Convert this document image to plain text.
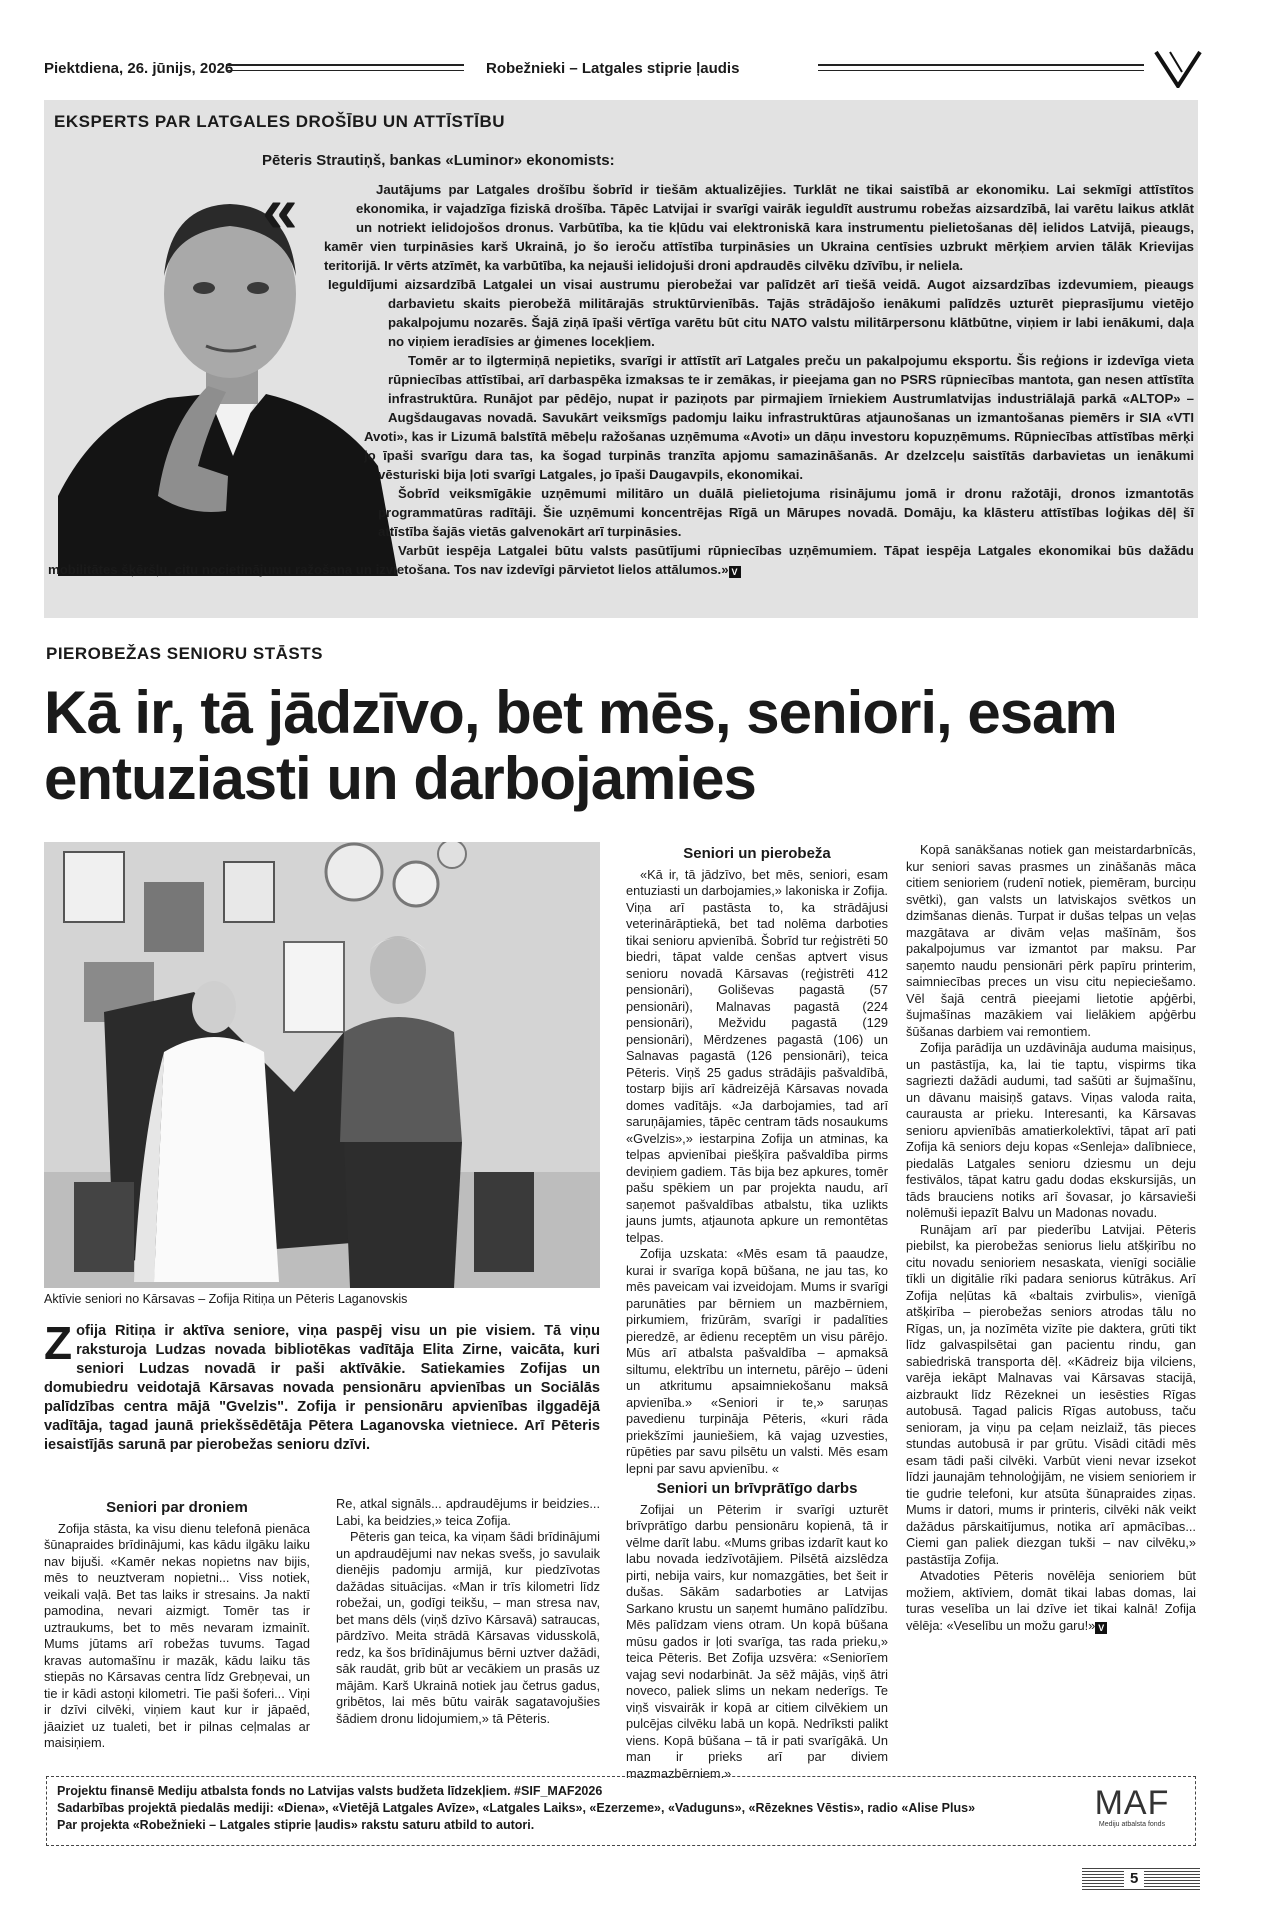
Piektdiena, 26. jūnijs, 2026	Robežnieki – Latgales stiprie ļaudis
EKSPERTS PAR LATGALES DROŠĪBU UN ATTĪSTĪBU
Pēteris Strautiņš, bankas «Luminor» ekonomists:
«	Jautājums par Latgales drošību šobrīd ir tiešām aktualizējies. Turklāt ne tikai saistībā ar ekonomiku. Lai sekmīgi attīstītos ekonomika, ir vajadzīga fiziskā drošība. Tāpēc Latvijai ir svarīgi vairāk ieguldīt austrumu robežas aizsardzībā, lai varētu laikus atklāt un notriekt ielidojošos dronus. Varbūtība, ka tie kļūdu vai elektroniskā kara instrumentu pielietošanas dēļ ielidos Latvijā, pieaugs, kamēr vien turpināsies karš Ukrainā, jo šo ieroču attīstība turpināsies un Ukraina centīsies uzbrukt mērķiem arvien tālāk Krievijas teritorijā. Ir vērts atzīmēt, ka varbūtība, ka nejauši ielidojuši droni apdraudēs cilvēku dzīvību, ir neliela.

Ieguldījumi aizsardzībā Latgalei un visai austrumu pierobežai var palīdzēt arī tiešā veidā. Augot aizsardzības izdevumiem, pieaugs darbavietu skaits pierobežā militārajās struktūrvienībās. Tajās strādājošo ienākumi palīdzēs uzturēt pieprasījumu vietējo pakalpojumu nozarēs. Šajā ziņā īpaši vērtīga varētu būt citu NATO valstu militārpersonu klātbūtne, viņiem ir labi ienākumi, daļa no viņiem ieradīsies ar ģimenes locekļiem.

Tomēr ar to ilgtermiņā nepietiks, svarīgi ir attīstīt arī Latgales preču un pakalpojumu eksportu. Šis reģions ir izdevīga vieta rūpniecības attīstībai, arī darbaspēka izmaksas te ir zemākas, ir pieejama gan no PSRS rūpniecības mantota, gan nesen attīstīta infrastruktūra. Runājot par pēdējo, nupat ir paziņots par pirmajiem īrniekiem Austrumlatvijas industriālajā parkā «ALTOP» – Augšdaugavas novadā. Savukārt veiksmīgs padomju laiku infrastruktūras atjaunošanas un izmantošanas piemērs ir SIA «VTI Avoti», kas ir Lizumā balstītā mēbeļu ražošanas uzņēmuma «Avoti» un dāņu investoru kopuzņēmums. Rūpniecības attīstības mērķi jo īpaši svarīgu dara tas, ka šogad turpinās tranzīta apjomu samazināšanās. Ar dzelzceļu saistītās darbavietas un ienākumi vēsturiski bija ļoti svarīgi Latgales, jo īpaši Daugavpils, ekonomikai.

Šobrīd veiksmīgākie uzņēmumi militāro un duālā pielietojuma risinājumu jomā ir dronu ražotāji, dronos izmantotās programmatūras radītāji. Šie uzņēmumi koncentrējas Rīgā un Mārupes novadā. Domāju, ka klāsteru attīstības loģikas dēļ šī attīstība šajās vietās galvenokārt arī turpināsies.

Varbūt iespēja Latgalei būtu valsts pasūtījumi rūpniecības uzņēmumiem. Tāpat iespēja Latgales ekonomikai būs dažādu mobilitātes šķēršļu, citu nocietinājumu ražošana un izvietošana. Tos nav izdevīgi pārvietot lielos attālumos.» V

PIEROBEŽAS SENIORU STĀSTS
Kā ir, tā jādzīvo, bet mēs, seniori, esam entuziasti un darbojamies
Aktīvie seniori no Kārsavas – Zofija Ritiņa un Pēteris Laganovskis
Z ofija Ritiņa ir aktīva seniore, viņa paspēj visu un pie visiem. Tā viņu raksturoja Ludzas novada bibliotēkas vadītāja Elita Zirne, vaicāta, kuri seniori Ludzas novadā ir paši aktīvākie. Satiekamies Zofijas un domubiedru veidotajā Kārsavas novada pensionāru apvienības un Sociālās palīdzības centra mājā "Gvelzis". Zofija ir pensionāru apvienības ilggadējā vadītāja, tagad jaunā priekšsēdētāja Pētera Laganovska vietniece. Arī Pēteris iesaistījās sarunā par pierobežas senioru dzīvi.

Seniori par droniem

Zofija stāsta, ka visu dienu telefonā pienāca šūnapraides brīdinājumi, kas kādu ilgāku laiku nav bijuši. «Kamēr nekas nopietns nav bijis, mēs to neuztveram nopietni... Viss notiek, veikali vaļā. Bet tas laiks ir stresains. Ja naktī pamodina, nevari aizmigt. Tomēr tas ir uztraukums, bet to mēs nevaram izmainīt. Mums jūtams arī robežas tuvums. Tagad kravas automašīnu ir mazāk, kādu laiku tās stiepās no Kārsavas centra līdz Grebņevai, un tie ir kādi astoņi kilometri. Tie paši šoferi... Viņi ir dzīvi cilvēki, viņiem kaut kur ir jāpaēd, jāaiziet uz tualeti, bet ir pilnas ceļmalas ar maisiņiem.

Re, atkal signāls... apdraudējums ir beidzies... Labi, ka beidzies,» teica Zofija.

Pēteris gan teica, ka viņam šādi brīdinājumi un apdraudējumi nav nekas svešs, jo savulaik dienējis padomju armijā, kur piedzīvotas dažādas situācijas. «Man ir trīs kilometri līdz robežai, un, godīgi teikšu, – man stresa nav, bet mans dēls (viņš dzīvo Kārsavā) satraucas, pārdzīvo. Meita strādā Kārsavas vidusskolā, redz, ka šos brīdinājumus bērni uztver dažādi, sāk raudāt, grib būt ar vecākiem un prasās uz mājām. Karš Ukrainā notiek jau četrus gadus, gribētos, lai mēs būtu vairāk sagatavojušies šādiem dronu lidojumiem,» tā Pēteris.

Seniori un pierobeža

«Kā ir, tā jādzīvo, bet mēs, seniori, esam entuziasti un darbojamies,» lakoniska ir Zofija. Viņa arī pastāsta to, ka strādājusi veterinārāptiekā, bet tad nolēma darboties tikai senioru apvienībā. Šobrīd tur reģistrēti 50 biedri, tāpat valde cenšas aptvert visus senioru novadā Kārsavas (reģistrēti 412 pensionāri), Goliševas pagastā (57 pensionāri), Malnavas pagastā (224 pensionāri), Mežvidu pagastā (129 pensionāri), Mērdzenes pagastā (106) un Salnavas pagastā (126 pensionāri), teica Pēteris. Viņš 25 gadus strādājis pašvaldībā, tostarp bijis arī kādreizējā Kārsavas novada domes vadītājs. «Ja darbojamies, tad arī saruņājamies, tāpēc centram tāds nosaukums «Gvelzis»,» iestarpina Zofija un atminas, ka telpas apvienībai piešķīra pašvaldība pirms deviņiem gadiem. Tās bija bez apkures, tomēr pašu spēkiem un par projekta naudu, arī saņemot pašvaldības atbalstu, tika uzlikts jauns jumts, atjaunota apkure un remontētas telpas.

Zofija uzskata: «Mēs esam tā paaudze, kurai ir svarīga kopā būšana, ne jau tas, ko mēs paveicam vai izveidojam. Mums ir svarīgi parunāties par bērniem un mazbērniem, pirkumiem, frizūrām, svarīgi ir padalīties pieredzē, ar ēdienu receptēm un visu pārējo. Mūs arī atbalsta pašvaldība – apmaksā siltumu, elektrību un internetu, pārējo – ūdeni un atkritumu apsaimniekošanu maksā apvienība.» «Seniori ir te,» saruņas pavedienu turpināja Pēteris, «kuri rāda priekšzīmi jauniešiem, kā vajag uzvesties, rūpēties par savu pilsētu un valsti. Mēs esam lepni par savu apvienību. «

Seniori un brīvprātīgo darbs

Zofijai un Pēterim ir svarīgi uzturēt brīvprātīgo darbu pensionāru kopienā, tā ir vēlme darīt labu. «Mums gribas izdarīt kaut ko labu novada iedzīvotājiem. Pilsētā aizslēdza pirti, nebija vairs, kur nomazgāties, bet šeit ir dušas. Sākām sadarboties ar Latvijas Sarkano krustu un saņemt humāno palīdzību. Mēs palīdzam viens otram. Un kopā būšana mūsu gados ir ļoti svarīga, tas rada prieku,» teica Pēteris. Bet Zofija uzsvēra: «Seniorīem vajag sevi nodarbināt. Ja sēž mājās, viņš ātri noveco, paliek slims un nekam nederīgs. Te viņš visvairāk ir kopā ar citiem cilvēkiem un pulcējas cilvēku labā un kopā. Nedrīksti palikt viens. Kopā būšana – tā ir pati svarīgākā. Un man ir prieks arī par diviem mazmazbērniem.»

Kopā sanākšanas notiek gan meistardarbnīcās, kur seniori savas prasmes un zināšanās māca citiem senioriem (rudenī notiek, piemēram, burciņu svētki), gan valsts un latviskajos svētkos un dzimšanas dienās. Turpat ir dušas telpas un veļas mazgātava ar divām veļas mašīnām, šos pakalpojumus var izmantot par maksu. Par saņemto naudu pensionāri pērk papīru printerim, saimniecības preces un visu citu nepieciešamo. Vēl šajā centrā pieejami lietotie apģērbi, šujmašīnas mazākiem vai lielākiem apģērbu šūšanas darbiem vai remontiem.

Zofija parādīja un uzdāvināja auduma maisiņus, un pastāstīja, ka, lai tie taptu, vispirms tika sagriezti dažādi audumi, tad sašūti ar šujmašīnu, un dāvanu maisiņš gatavs. Viņas valoda raita, caurausta ar prieku. Interesanti, ka Kārsavas senioru apvienībās amatierkolektīvi, tāpat arī pati Zofija kā seniors deju kopas «Senleja» dalībniece, piedalās Latgales senioru dziesmu un deju festivālos, tāpat katru gadu dodas ekskursijās, un tāds brauciens notiks arī šovasar, jo kārsavieši nolēmuši iepazīt Balvu un Madonas novadu.

Runājam arī par piederību Latvijai. Pēteris piebilst, ka pierobežas seniorus lielu atšķirību no citu novadu senioriem nesaskata, vienīgi sociālie tīkli un digitālie rīki padara seniorus kūtrākus. Arī Zofija neļūtas kā «baltais zvirbulis», vienīgā atšķirība – pierobežas seniors atrodas tālu no Rīgas, un, ja nozīmēta vizīte pie daktera, grūti tikt līdz galvaspilsētai gan pacientu rindu, gan sabiedriskā transporta dēļ. «Kādreiz bija vilciens, varēja iekāpt Malnavas vai Kārsavas stacijā, aizbraukt līdz Rēzeknei un iesēsties Rīgas autobusā. Tagad palicis Rīgas autobuss, taču senioram, ja viņu pa ceļam neizlaiž, tās pieces stundas autobusā ir par grūtu. Visādi citādi mēs esam tādi paši cilvēki. Varbūt vieni nevar izsekot līdzi jaunajām tehnoloģijām, ne visiem senioriem ir tie gudrie telefoni, kur atsūta šūnapraides ziņas. Mums ir datori, mums ir printeris, cilvēki nāk veikt dažādus pārskaitījumus, notika arī apmācības... Ciemi gan paliek diezgan tukši – nav cilvēku,» pastāstīja Zofija.

Atvadoties Pēteris novēlēja senioriem būt možiem, aktīviem, domāt tikai labas domas, lai turas veselība un lai dzīve iet tikai kalnā! Zofija vēlēja: «Veselību un možu garu!» V

Projektu finansē Mediju atbalsta fonds no Latvijas valsts budžeta līdzekļiem. #SIF_MAF2026
Sadarbības projektā piedalās mediji: «Diena», «Vietējā Latgales Avīze», «Latgales Laiks», «Ezerzeme», «Vaduguns», «Rēzeknes Vēstis», radio «Alise Plus»
Par projekta «Robežnieki – Latgales stiprie ļaudis» rakstu saturu atbild to autori.
MAF
Mediju atbalsta fonds
5
